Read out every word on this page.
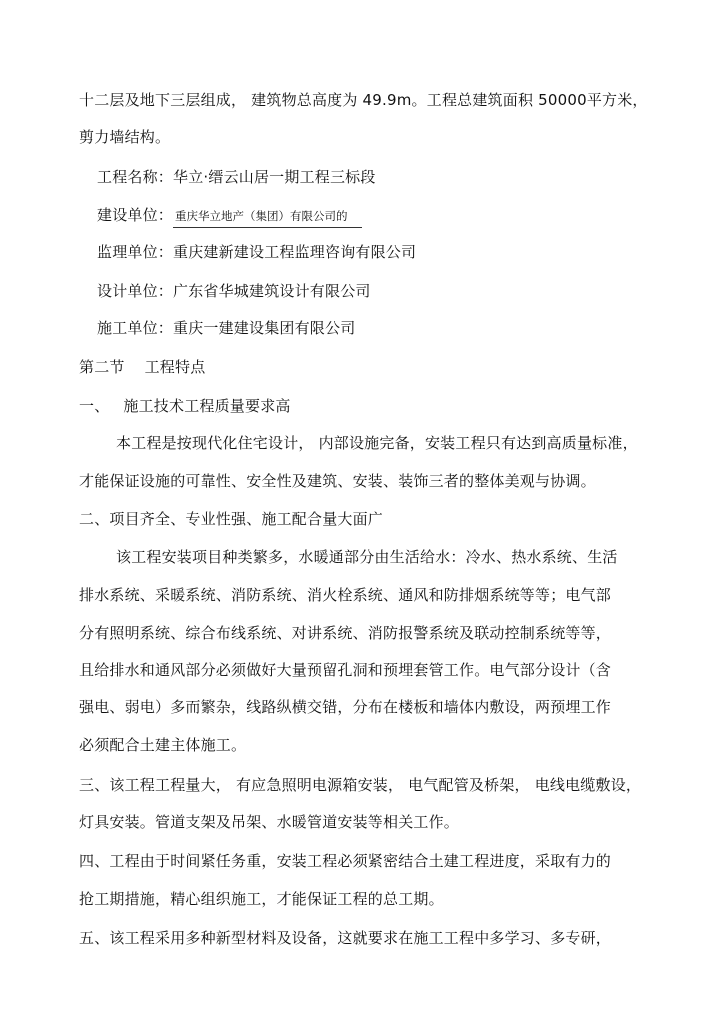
十二层及地下三层组成， 建筑物总高度为 49.9m。工程总建筑面积 50000平方米，
剪力墙结构。
工程名称：华立·缙云山居一期工程三标段
建设单位： 重庆华立地产（集团）有限公司的
监理单位：重庆建新建设工程监理咨询有限公司
设计单位：广东省华城建筑设计有限公司
施工单位：重庆一建建设集团有限公司
第二节 工程特点
一、 施工技术工程质量要求高
本工程是按现代化住宅设计， 内部设施完备，安装工程只有达到高质量标准，
才能保证设施的可靠性、安全性及建筑、安装、装饰三者的整体美观与协调。
二、项目齐全、专业性强、施工配合量大面广
该工程安装项目种类繁多，水暖通部分由生活给水：冷水、热水系统、生活
排水系统、采暖系统、消防系统、消火栓系统、通风和防排烟系统等等；电气部
分有照明系统、综合布线系统、对讲系统、消防报警系统及联动控制系统等等，
且给排水和通风部分必须做好大量预留孔洞和预埋套管工作。电气部分设计（含
强电、弱电）多而繁杂，线路纵横交错，分布在楼板和墙体内敷设，两预埋工作
必须配合土建主体施工。
三、该工程工程量大， 有应急照明电源箱安装， 电气配管及桥架， 电线电缆敷设，
灯具安装。管道支架及吊架、水暖管道安装等相关工作。
四、工程由于时间紧任务重，安装工程必须紧密结合土建工程进度，采取有力的
抢工期措施，精心组织施工，才能保证工程的总工期。
五、该工程采用多种新型材料及设备，这就要求在施工工程中多学习、多专研，
